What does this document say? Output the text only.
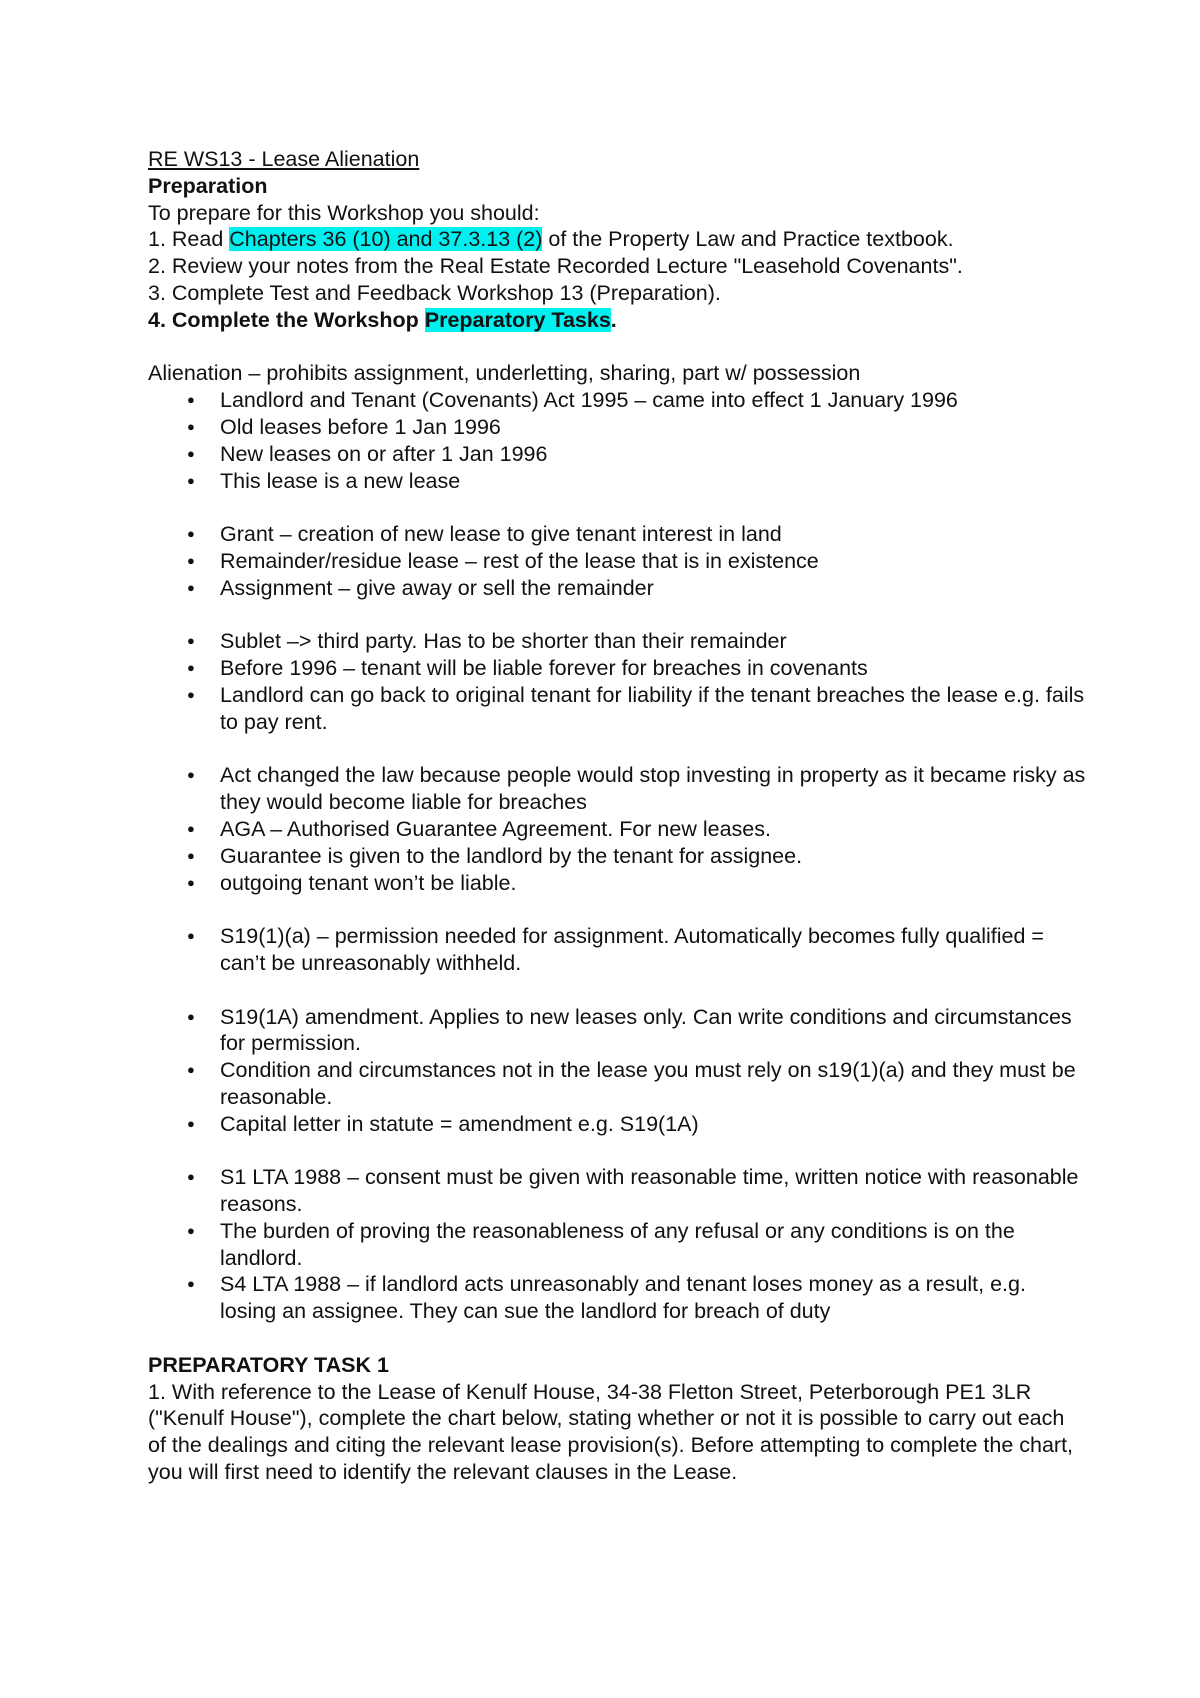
RE WS13 - Lease Alienation
Preparation
To prepare for this Workshop you should:
1. Read Chapters 36 (10) and 37.3.13 (2) of the Property Law and Practice textbook.
2. Review your notes from the Real Estate Recorded Lecture "Leasehold Covenants".
3. Complete Test and Feedback Workshop 13 (Preparation).
4. Complete the Workshop Preparatory Tasks.
Alienation – prohibits assignment, underletting, sharing, part w/ possession
● Landlord and Tenant (Covenants) Act 1995 – came into effect 1 January 1996
● Old leases before 1 Jan 1996
● New leases on or after 1 Jan 1996
● This lease is a new lease
● Grant – creation of new lease to give tenant interest in land
● Remainder/residue lease – rest of the lease that is in existence
● Assignment – give away or sell the remainder
● Sublet –> third party. Has to be shorter than their remainder
● Before 1996 – tenant will be liable forever for breaches in covenants
● Landlord can go back to original tenant for liability if the tenant breaches the lease e.g. fails to pay rent.
● Act changed the law because people would stop investing in property as it became risky as they would become liable for breaches
● AGA – Authorised Guarantee Agreement. For new leases.
● Guarantee is given to the landlord by the tenant for assignee.
● outgoing tenant won’t be liable.
● S19(1)(a) – permission needed for assignment. Automatically becomes fully qualified = can’t be unreasonably withheld.
● S19(1A) amendment. Applies to new leases only. Can write conditions and circumstances for permission.
● Condition and circumstances not in the lease you must rely on s19(1)(a) and they must be reasonable.
● Capital letter in statute = amendment e.g. S19(1A)
● S1 LTA 1988 – consent must be given with reasonable time, written notice with reasonable reasons.
● The burden of proving the reasonableness of any refusal or any conditions is on the landlord.
● S4 LTA 1988 – if landlord acts unreasonably and tenant loses money as a result, e.g. losing an assignee. They can sue the landlord for breach of duty
PREPARATORY TASK 1
1. With reference to the Lease of Kenulf House, 34-38 Fletton Street, Peterborough PE1 3LR ("Kenulf House"), complete the chart below, stating whether or not it is possible to carry out each of the dealings and citing the relevant lease provision(s). Before attempting to complete the chart, you will first need to identify the relevant clauses in the Lease.
